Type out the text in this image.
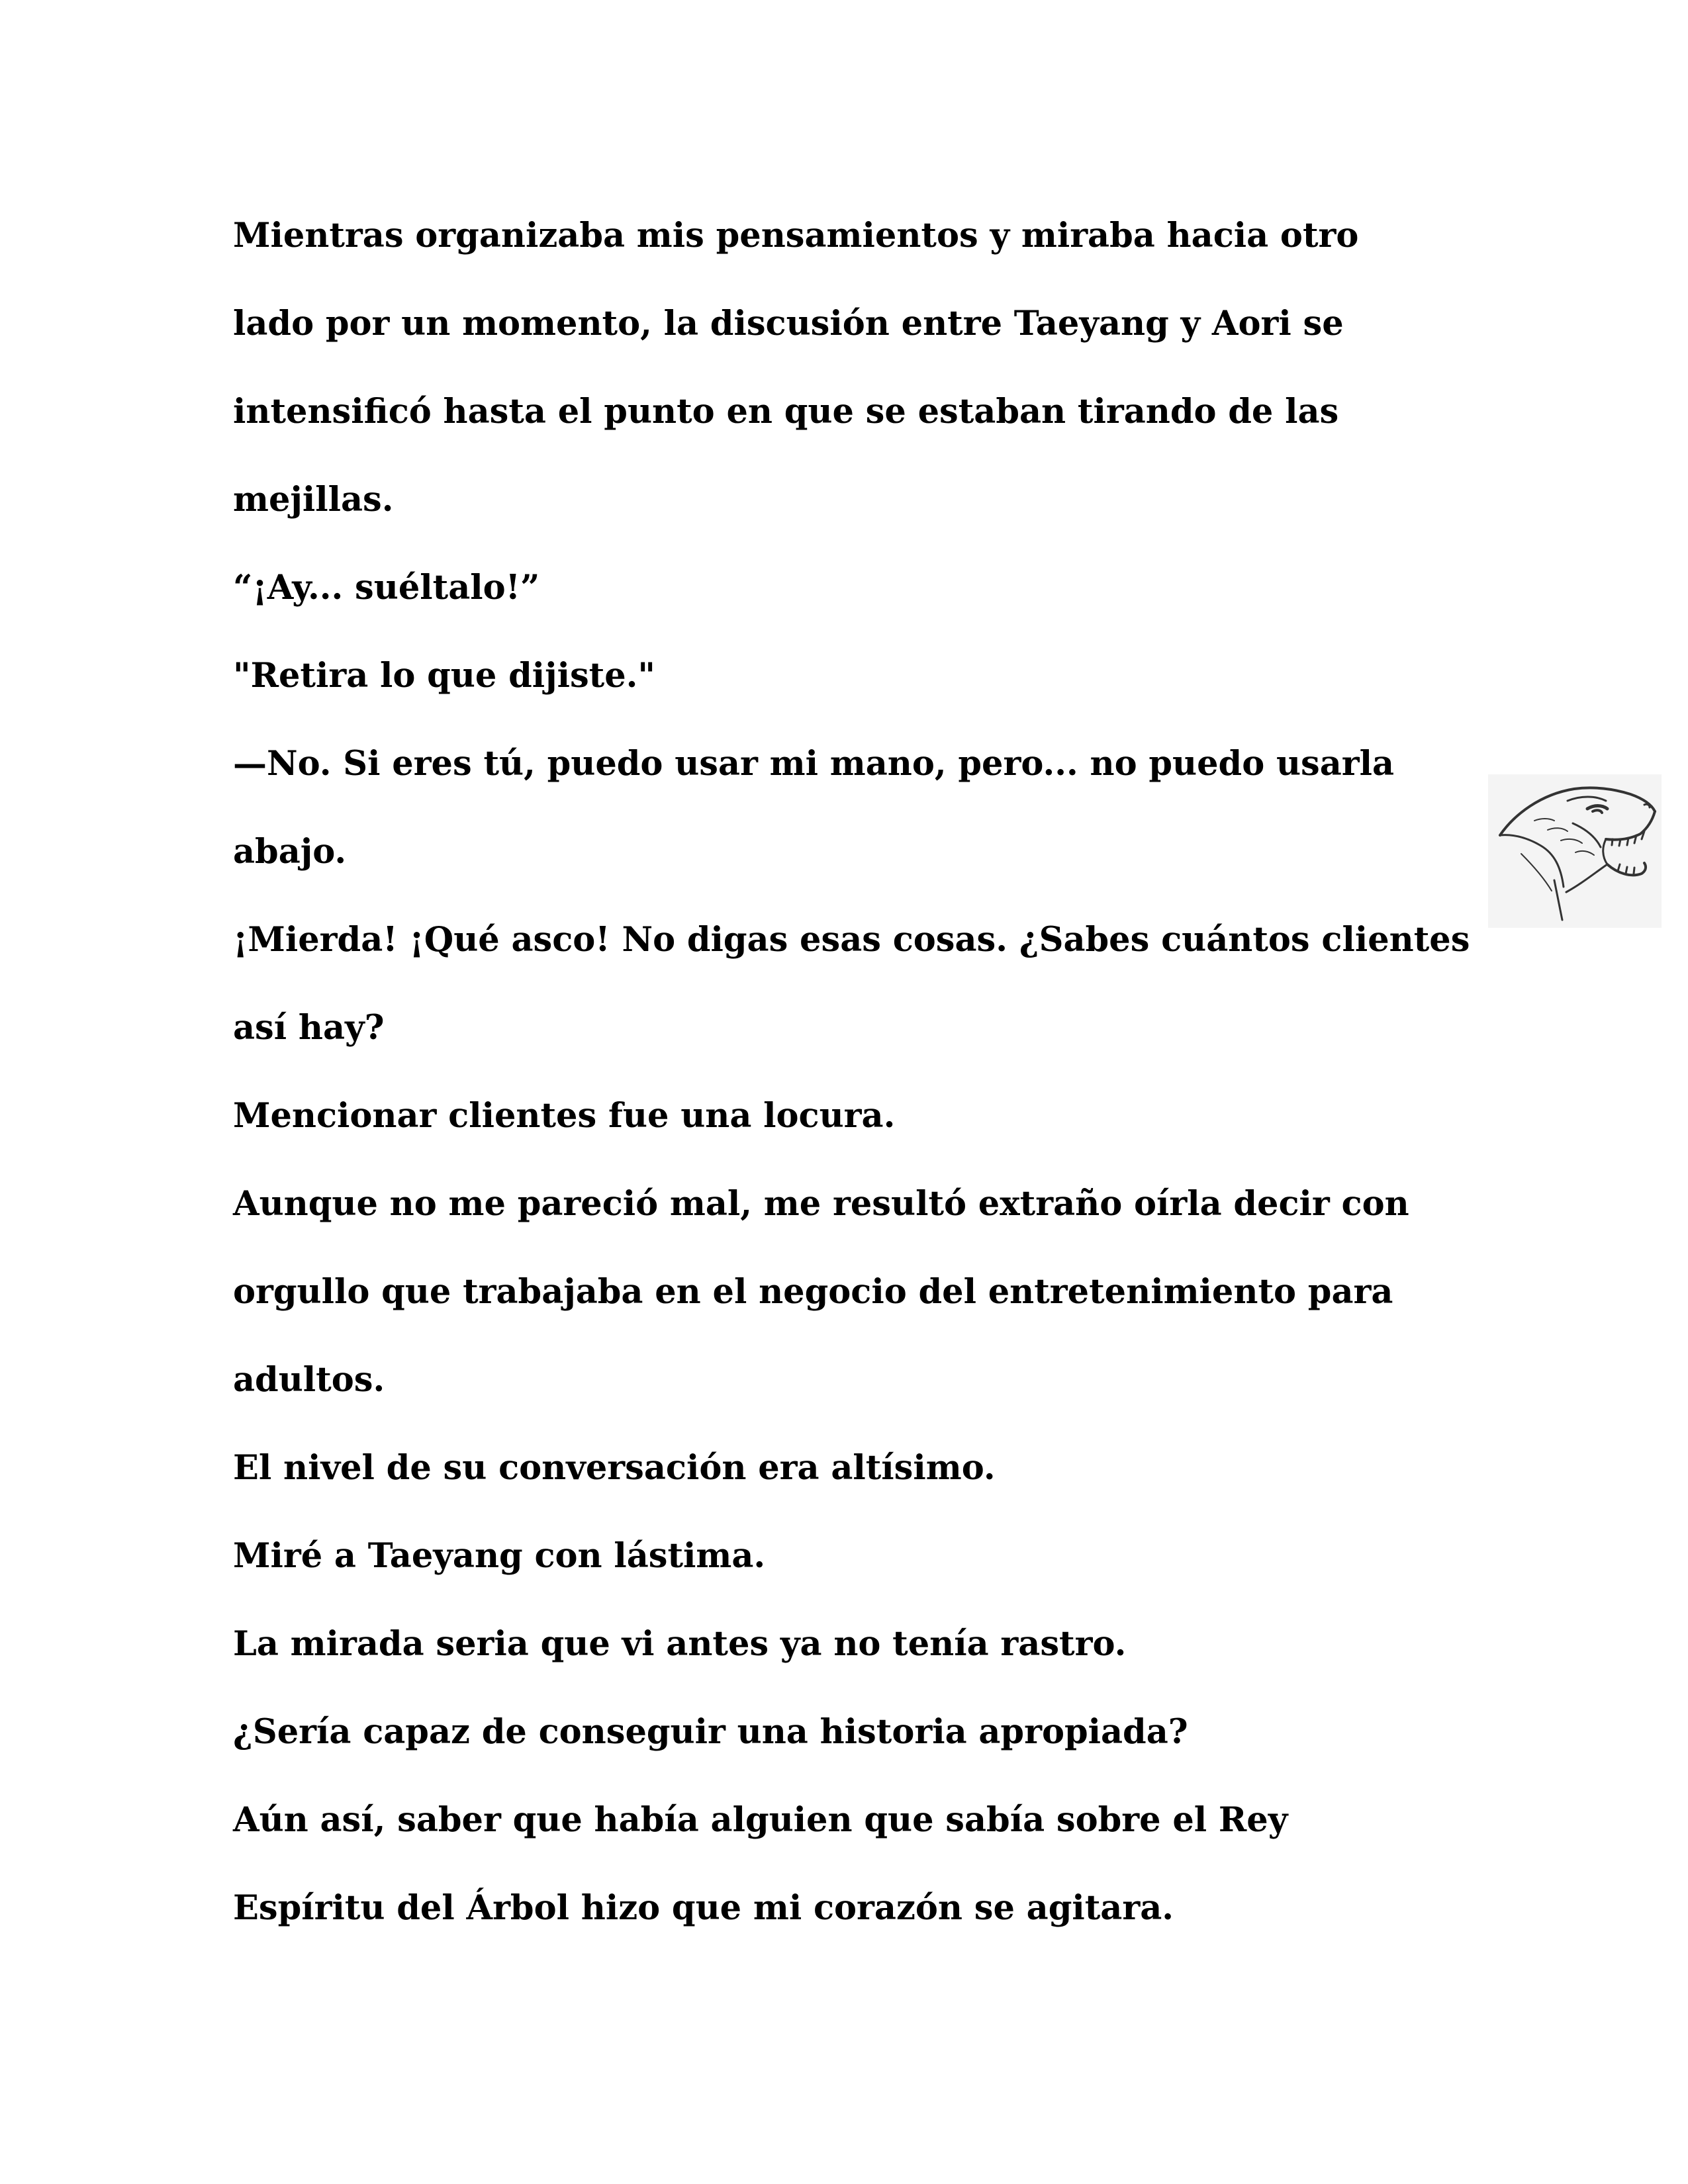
Mientras organizaba mis pensamientos y miraba hacia otro
lado por un momento, la discusión entre Taeyang y Aori se
intensificó hasta el punto en que se estaban tirando de las
mejillas.
“¡Ay... suéltalo!”
"Retira lo que dijiste."
—No. Si eres tú, puedo usar mi mano, pero... no puedo usarla
abajo.
¡Mierda! ¡Qué asco! No digas esas cosas. ¿Sabes cuántos clientes
así hay?
Mencionar clientes fue una locura.
Aunque no me pareció mal, me resultó extraño oírla decir con
orgullo que trabajaba en el negocio del entretenimiento para
adultos.
El nivel de su conversación era altísimo.
Miré a Taeyang con lástima.
La mirada seria que vi antes ya no tenía rastro.
¿Sería capaz de conseguir una historia apropiada?
Aún así, saber que había alguien que sabía sobre el Rey
Espíritu del Árbol hizo que mi corazón se agitara.
